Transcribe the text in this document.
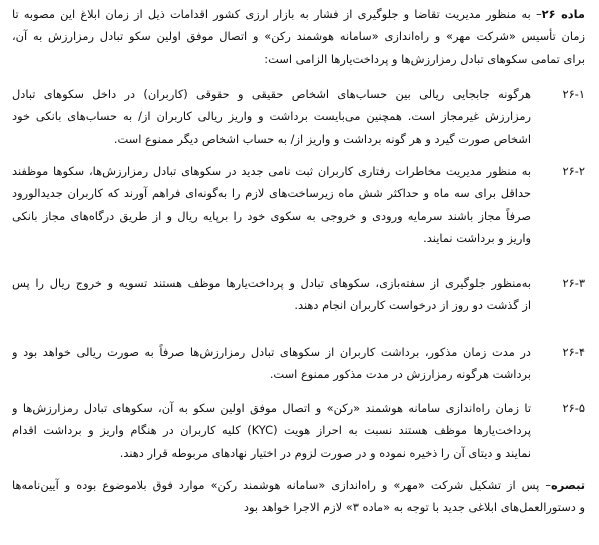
ماده ۲۶– به منظور مدیریت تقاضا و جلوگیری از فشار به بازار ارزی کشور اقدامات ذیل از زمان ابلاغ این مصوبه تا
زمان تأسیس «شرکت مهر» و راه‌اندازی «سامانه هوشمند رکن» و اتصال موفق اولین سکو تبادل رمزارزش به آن،
برای تمامی سکوهای تبادل رمزارزش‌ها و پرداخت‌یارها الزامی است:
۲۶-۱
هرگونه جابجایی ریالی بین حساب‌های اشخاص حقیقی و حقوقی (کاربران) در داخل سکوهای تبادل
رمزارزش غیرمجاز است. همچنین می‌بایست برداشت و واریز ریالی کاربران از/ به حساب‌های بانکی خود
اشخاص صورت گیرد و هر گونه برداشت و واریز از/ به حساب اشخاص دیگر ممنوع است.
۲۶-۲
به منظور مدیریت مخاطرات رفتاری کاربران ثبت نامی جدید در سکوهای تبادل رمزارزش‌ها، سکوها موظفند
حداقل برای سه ماه و حداکثر شش ماه زیرساخت‌های لازم را به‌گونه‌ای فراهم آورند که کاربران جدیدالورود
صرفاً مجاز باشند سرمایه ورودی و خروجی به سکوی خود را برپایه ریال و از طریق درگاه‌های مجاز بانکی
واریز و برداشت نمایند.
۲۶-۳
به‌منظور جلوگیری از سفته‌بازی، سکوهای تبادل و پرداخت‌یارها موظف هستند تسویه و خروج ریال را پس
از گذشت دو روز از درخواست کاربران انجام دهند.
۲۶-۴
در مدت زمان مذکور، برداشت کاربران از سکوهای تبادل رمزارزش‌ها صرفاً به صورت ریالی خواهد بود و
برداشت هرگونه رمزارزش در مدت مذکور ممنوع است.
۲۶-۵
تا زمان راه‌اندازی سامانه هوشمند «رکن» و اتصال موفق اولین سکو به آن، سکوهای تبادل رمزارزش‌ها و
پرداخت‌یارها موظف هستند نسبت به احراز هویت (KYC) کلیه کاربران در هنگام واریز و برداشت اقدام
نمایند و دیتای آن را ذخیره نموده و در صورت لزوم در اختیار نهادهای مربوطه قرار دهند.
تبصره– پس از تشکیل شرکت «مهر» و راه‌اندازی «سامانه هوشمند رکن» موارد فوق بلاموضوع بوده و آیین‌نامه‌ها
و دستورالعمل‌های ابلاغی جدید با توجه به «ماده ۳» لازم الاجرا خواهد بود
